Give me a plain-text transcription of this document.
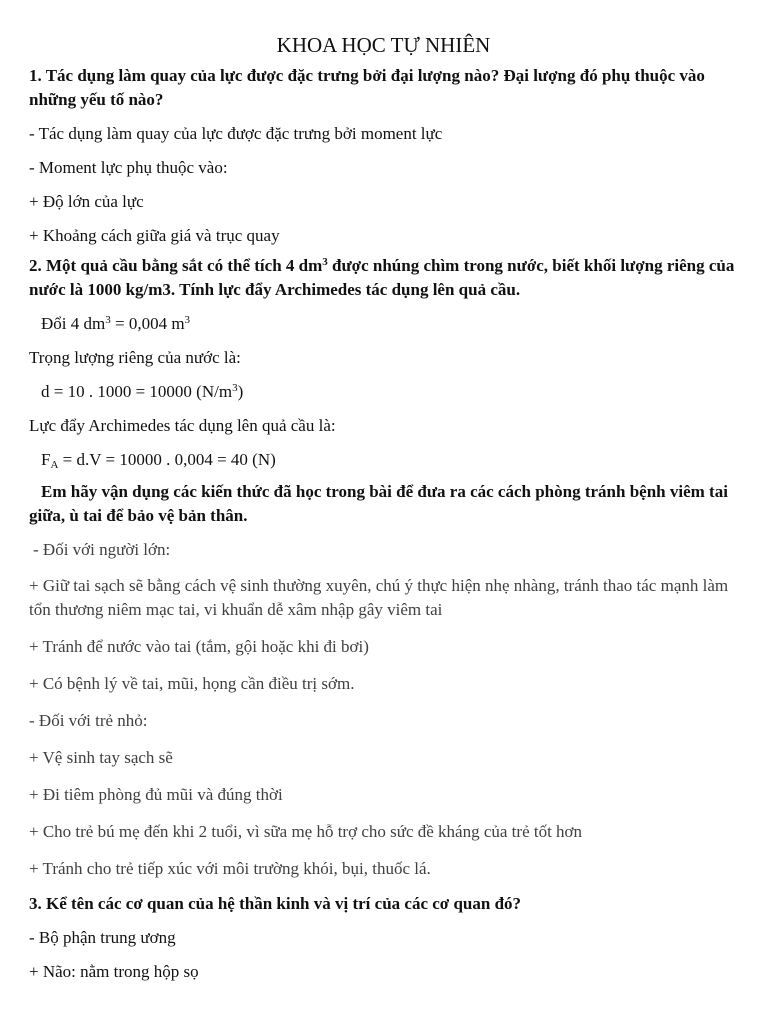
KHOA HỌC TỰ NHIÊN

1. Tác dụng làm quay của lực được đặc trưng bởi đại lượng nào? Đại lượng đó phụ thuộc vào những yếu tố nào?

- Tác dụng làm quay của lực được đặc trưng bởi moment lực

- Moment lực phụ thuộc vào:

+ Độ lớn của lực

+ Khoảng cách giữa giá và trục quay

2. Một quả cầu bằng sắt có thể tích 4 $dm^3$ được nhúng chìm trong nước, biết khối lượng riêng của nước là 1000 kg/m3. Tính lực đẩy Archimedes tác dụng lên quả cầu.

Đổi 4 $dm^3 = 0,004$ $m^3$

Trọng lượng riêng của nước là:

d = 10 . 1000 = 10000 $(N/m^3)$

Lực đẩy Archimedes tác dụng lên quả cầu là:

$F_A = d.V = 10000$ . 0,004 = 40 (N)

Em hãy vận dụng các kiến thức đã học trong bài để đưa ra các cách phòng tránh bệnh viêm tai giữa, ù tai để bảo vệ bản thân.

- Đối với người lớn:

+ Giữ tai sạch sẽ bằng cách vệ sinh thường xuyên, chú ý thực hiện nhẹ nhàng, tránh thao tác mạnh làm tổn thương niêm mạc tai, vi khuẩn dễ xâm nhập gây viêm tai

+ Tránh để nước vào tai (tắm, gội hoặc khi đi bơi)

+ Có bệnh lý về tai, mũi, họng cần điều trị sớm.

- Đối với trẻ nhỏ:

+ Vệ sinh tay sạch sẽ

+ Đi tiêm phòng đủ mũi và đúng thời

+ Cho trẻ bú mẹ đến khi 2 tuổi, vì sữa mẹ hỗ trợ cho sức đề kháng của trẻ tốt hơn

+ Tránh cho trẻ tiếp xúc với môi trường khói, bụi, thuốc lá.

3. Kể tên các cơ quan của hệ thần kinh và vị trí của các cơ quan đó?

- Bộ phận trung ương

+ Não: nằm trong hộp sọ
